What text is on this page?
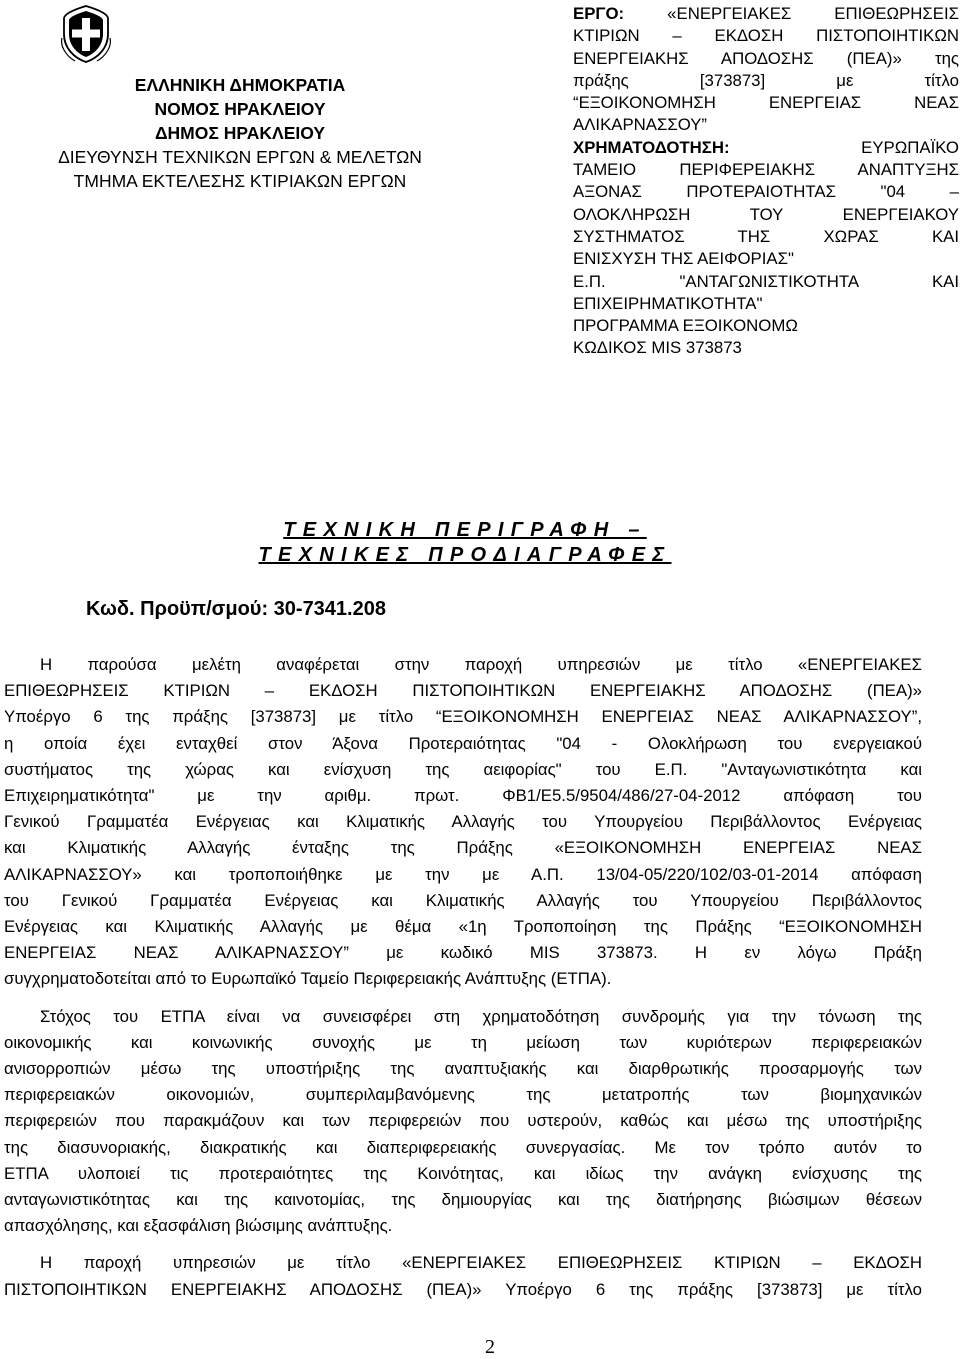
ΕΛΛΗΝΙΚΗ ΔΗΜΟΚΡΑΤΙΑ
ΝΟΜΟΣ ΗΡΑΚΛΕΙΟΥ
ΔΗΜΟΣ ΗΡΑΚΛΕΙΟΥ
ΔΙΕΥΘΥΝΣΗ ΤΕΧΝΙΚΩΝ ΕΡΓΩΝ & ΜΕΛΕΤΩΝ
ΤΜΗΜΑ ΕΚΤΕΛΕΣΗΣ ΚΤΙΡΙΑΚΩΝ ΕΡΓΩΝ
ΕΡΓΟ: «ΕΝΕΡΓΕΙΑΚΕΣ ΕΠΙΘΕΩΡΗΣΕΙΣ
ΚΤΙΡΙΩΝ – ΕΚΔΟΣΗ ΠΙΣΤΟΠΟΙΗΤΙΚΩΝ
ΕΝΕΡΓΕΙΑΚΗΣ ΑΠΟΔΟΣΗΣ (ΠΕΑ)» της
πράξης [373873] με τίτλο
“ΕΞΟΙΚΟΝΟΜΗΣΗ ΕΝΕΡΓΕΙΑΣ ΝΕΑΣ
ΑΛΙΚΑΡΝΑΣΣΟΥ”
ΧΡΗΜΑΤΟΔΟΤΗΣΗ: ΕΥΡΩΠΑΪΚΟ
ΤΑΜΕΙΟ ΠΕΡΙΦΕΡΕΙΑΚΗΣ ΑΝΑΠΤΥΞΗΣ
ΑΞΟΝΑΣ ΠΡΟΤΕΡΑΙΟΤΗΤΑΣ "04 –
ΟΛΟΚΛΗΡΩΣΗ ΤΟΥ ΕΝΕΡΓΕΙΑΚΟΥ
ΣΥΣΤΗΜΑΤΟΣ ΤΗΣ ΧΩΡΑΣ ΚΑΙ
ΕΝΙΣΧΥΣΗ ΤΗΣ ΑΕΙΦΟΡΙΑΣ"
Ε.Π. "ΑΝΤΑΓΩΝΙΣΤΙΚΟΤΗΤΑ ΚΑΙ
ΕΠΙΧΕΙΡΗΜΑΤΙΚΟΤΗΤΑ"
ΠΡΟΓΡΑΜΜΑ ΕΞΟΙΚΟΝΟΜΩ
ΚΩΔΙΚΟΣ MIS 373873
ΤΕΧΝΙΚΗ ΠΕΡΙΓΡΑΦΗ –
ΤΕΧΝΙΚΕΣ ΠΡΟΔΙΑΓΡΑΦΕΣ
Κωδ. Προϋπ/σμού: 30-7341.208
Η παρούσα μελέτη αναφέρεται στην παροχή υπηρεσιών με τίτλο «ΕΝΕΡΓΕΙΑΚΕΣ
ΕΠΙΘΕΩΡΗΣΕΙΣ ΚΤΙΡΙΩΝ – ΕΚΔΟΣΗ ΠΙΣΤΟΠΟΙΗΤΙΚΩΝ ΕΝΕΡΓΕΙΑΚΗΣ ΑΠΟΔΟΣΗΣ (ΠΕΑ)»
Υποέργο 6 της πράξης [373873] με τίτλο “ΕΞΟΙΚΟΝΟΜΗΣΗ ΕΝΕΡΓΕΙΑΣ ΝΕΑΣ ΑΛΙΚΑΡΝΑΣΣΟΥ”,
η οποία έχει ενταχθεί στον Άξονα Προτεραιότητας "04 - Ολοκλήρωση του ενεργειακού
συστήματος της χώρας και ενίσχυση της αειφορίας" του Ε.Π. "Ανταγωνιστικότητα και
Επιχειρηματικότητα" με την αριθμ. πρωτ. ΦΒ1/Ε5.5/9504/486/27-04-2012 απόφαση του
Γενικού Γραμματέα Ενέργειας και Κλιματικής Αλλαγής του Υπουργείου Περιβάλλοντος Ενέργειας
και Κλιματικής Αλλαγής ένταξης της Πράξης «ΕΞΟΙΚΟΝΟΜΗΣΗ ΕΝΕΡΓΕΙΑΣ ΝΕΑΣ
ΑΛΙΚΑΡΝΑΣΣΟΥ» και τροποποιήθηκε με την με Α.Π. 13/04-05/220/102/03-01-2014 απόφαση
του Γενικού Γραμματέα Ενέργειας και Κλιματικής Αλλαγής του Υπουργείου Περιβάλλοντος
Ενέργειας και Κλιματικής Αλλαγής με θέμα «1η Τροποποίηση της Πράξης “ΕΞΟΙΚΟΝΟΜΗΣΗ
ΕΝΕΡΓΕΙΑΣ ΝΕΑΣ ΑΛΙΚΑΡΝΑΣΣΟΥ” με κωδικό MIS 373873. Η εν λόγω Πράξη
συγχρηματοδοτείται από το Ευρωπαϊκό Ταμείο Περιφερειακής Ανάπτυξης (ΕΤΠΑ).
Στόχος του ΕΤΠΑ είναι να συνεισφέρει στη χρηματοδότηση συνδρομής για την τόνωση της
οικονομικής και κοινωνικής συνοχής με τη μείωση των κυριότερων περιφερειακών
ανισορροπιών μέσω της υποστήριξης της αναπτυξιακής και διαρθρωτικής προσαρμογής των
περιφερειακών οικονομιών, συμπεριλαμβανόμενης της μετατροπής των βιομηχανικών
περιφερειών που παρακμάζουν και των περιφερειών που υστερούν, καθώς και μέσω της υποστήριξης
της διασυνοριακής, διακρατικής και διαπεριφερειακής συνεργασίας. Με τον τρόπο αυτόν το
ΕΤΠΑ υλοποιεί τις προτεραιότητες της Κοινότητας, και ιδίως την ανάγκη ενίσχυσης της
ανταγωνιστικότητας και της καινοτομίας, της δημιουργίας και της διατήρησης βιώσιμων θέσεων
απασχόλησης, και εξασφάλιση βιώσιμης ανάπτυξης.
Η παροχή υπηρεσιών με τίτλο «ΕΝΕΡΓΕΙΑΚΕΣ ΕΠΙΘΕΩΡΗΣΕΙΣ ΚΤΙΡΙΩΝ – ΕΚΔΟΣΗ
ΠΙΣΤΟΠΟΙΗΤΙΚΩΝ ΕΝΕΡΓΕΙΑΚΗΣ ΑΠΟΔΟΣΗΣ (ΠΕΑ)» Υποέργο 6 της πράξης [373873] με τίτλο
2
